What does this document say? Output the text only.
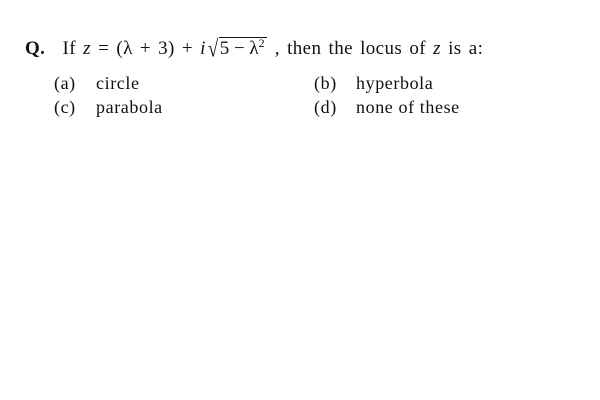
Q. If z = (λ + 3) + i $√5 - \lambda^2$ , then the locus of z is a:
(a) circle	(b) hyperbola
(c) parabola	(d) none of these
